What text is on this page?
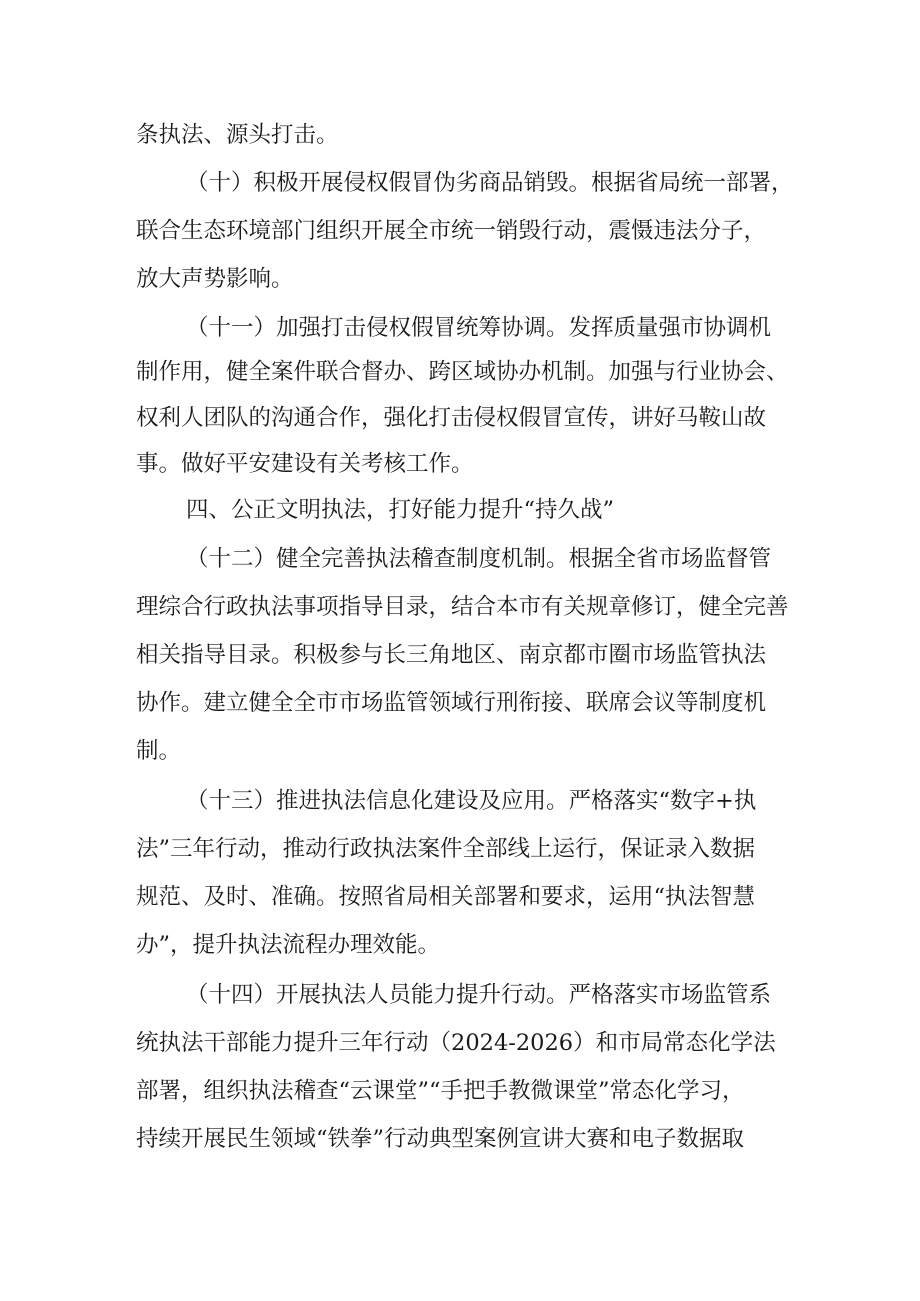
条执法、源头打击。

（十）积极开展侵权假冒伪劣商品销毁。根据省局统一部署，

联合生态环境部门组织开展全市统一销毁行动，震慑违法分子，

放大声势影响。

（十一）加强打击侵权假冒统筹协调。发挥质量强市协调机

制作用，健全案件联合督办、跨区域协办机制。加强与行业协会、

权利人团队的沟通合作，强化打击侵权假冒宣传，讲好马鞍山故

事。做好平安建设有关考核工作。

四、公正文明执法，打好能力提升“持久战”

（十二）健全完善执法稽查制度机制。根据全省市场监督管

理综合行政执法事项指导目录，结合本市有关规章修订，健全完善

相关指导目录。积极参与长三角地区、南京都市圈市场监管执法

协作。建立健全全市市场监管领域行刑衔接、联席会议等制度机

制。

（十三）推进执法信息化建设及应用。严格落实“数字+执

法”三年行动，推动行政执法案件全部线上运行，保证录入数据

规范、及时、准确。按照省局相关部署和要求，运用“执法智慧

办”，提升执法流程办理效能。

（十四）开展执法人员能力提升行动。严格落实市场监管系

统执法干部能力提升三年行动（2024-2026）和市局常态化学法

部署，组织执法稽查“云课堂”“手把手教微课堂”常态化学习，

持续开展民生领域“铁拳”行动典型案例宣讲大赛和电子数据取
